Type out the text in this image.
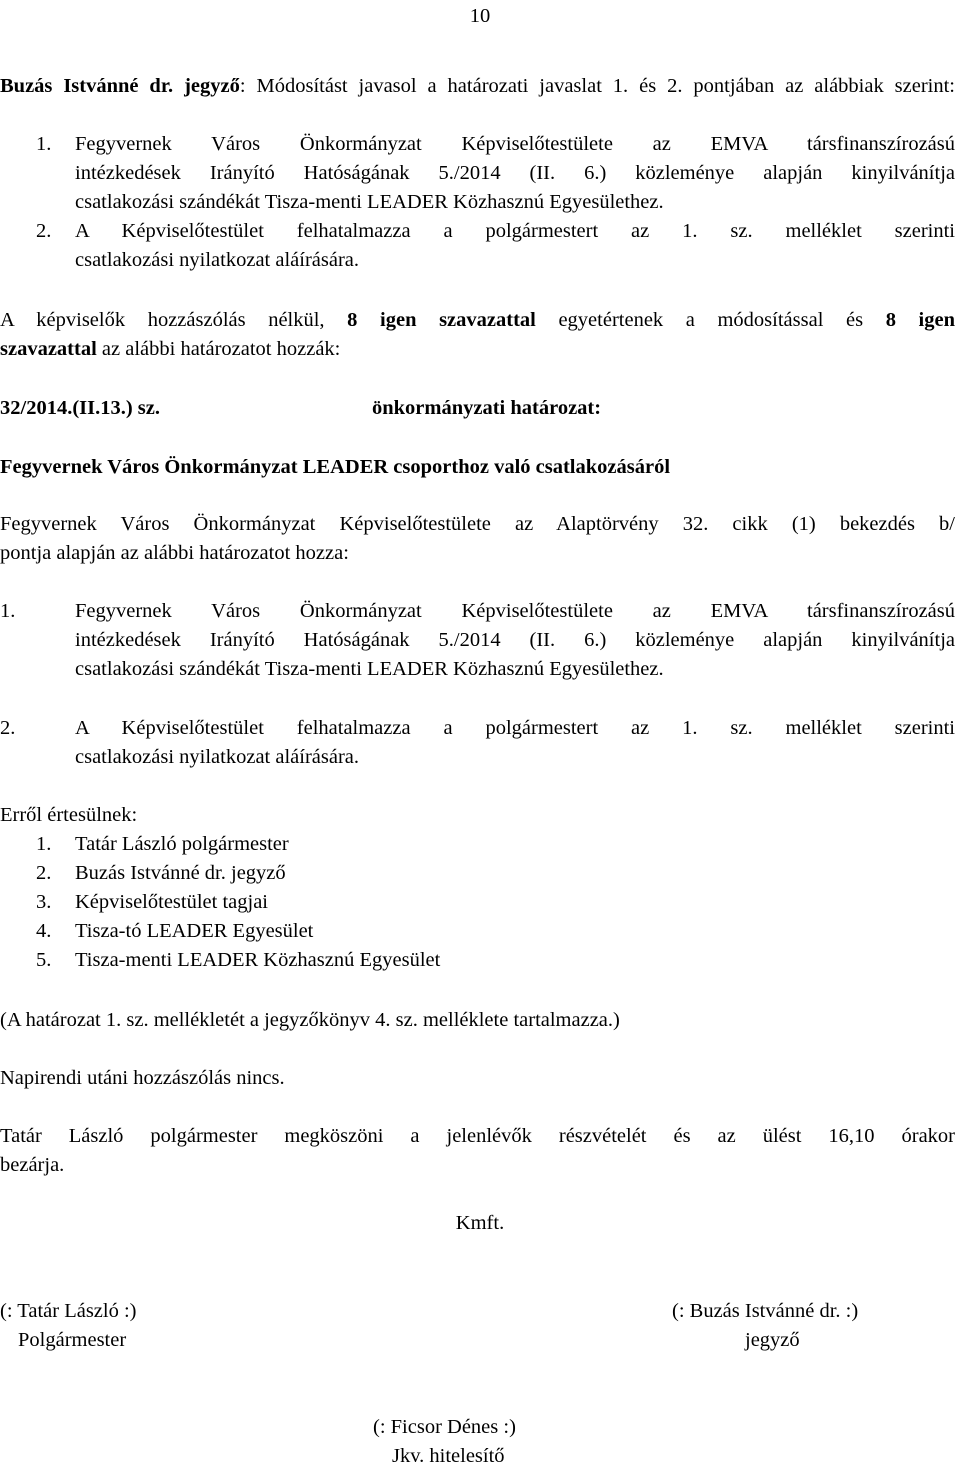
10
Buzás Istvánné dr. jegyző: Módosítást javasol a határozati javaslat 1. és 2. pontjában az alábbiak szerint:
1. Fegyvernek Város Önkormányzat Képviselőtestülete az EMVA társfinanszírozású
intézkedések Irányító Hatóságának 5./2014 (II. 6.) közleménye alapján kinyilvánítja
csatlakozási szándékát Tisza-menti LEADER Közhasznú Egyesülethez.
2. A Képviselőtestület felhatalmazza a polgármestert az 1. sz. melléklet szerinti
csatlakozási nyilatkozat aláírására.
A képviselők hozzászólás nélkül, 8 igen szavazattal egyetértenek a módosítással és 8 igen
szavazattal az alábbi határozatot hozzák:
32/2014.(II.13.) sz.	önkormányzati határozat:
Fegyvernek Város Önkormányzat LEADER csoporthoz való csatlakozásáról
Fegyvernek Város Önkormányzat Képviselőtestülete az Alaptörvény 32. cikk (1) bekezdés b/
pontja alapján az alábbi határozatot hozza:
1.	Fegyvernek Város Önkormányzat Képviselőtestülete az EMVA társfinanszírozású
intézkedések Irányító Hatóságának 5./2014 (II. 6.) közleménye alapján kinyilvánítja
csatlakozási szándékát Tisza-menti LEADER Közhasznú Egyesülethez.
2.	A Képviselőtestület felhatalmazza a polgármestert az 1. sz. melléklet szerinti
csatlakozási nyilatkozat aláírására.
Erről értesülnek:
1. Tatár László polgármester
2. Buzás Istvánné dr. jegyző
3. Képviselőtestület tagjai
4. Tisza-tó LEADER Egyesület
5. Tisza-menti LEADER Közhasznú Egyesület
(A határozat 1. sz. mellékletét a jegyzőkönyv 4. sz. melléklete tartalmazza.)
Napirendi utáni hozzászólás nincs.
Tatár László polgármester megköszöni a jelenlévők részvételét és az ülést 16,10 órakor
bezárja.
Kmft.
(: Tatár László :)
Polgármester
(: Buzás Istvánné dr. :)
jegyző
(: Ficsor Dénes :)
Jkv. hitelesítő
